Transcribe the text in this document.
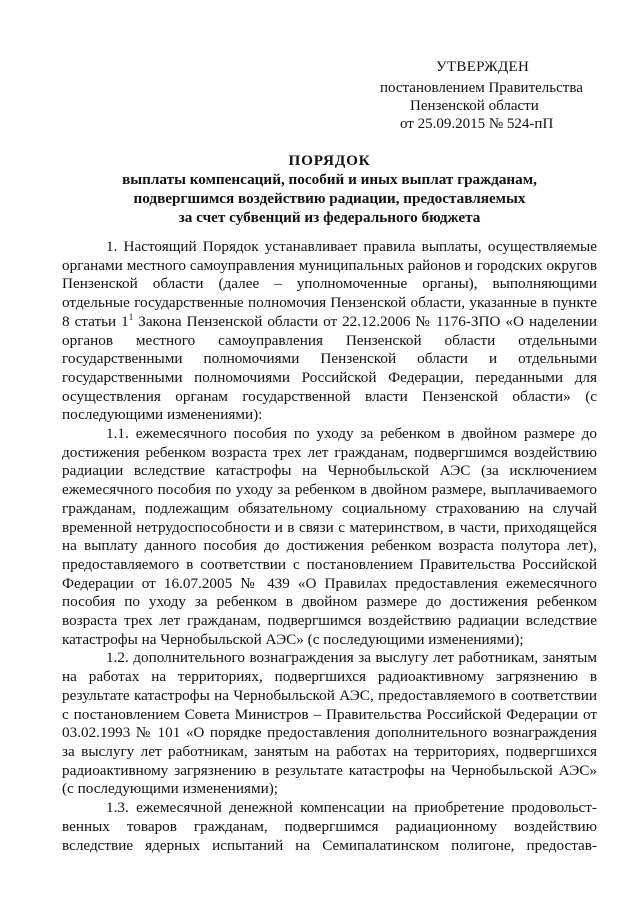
УТВЕРЖДЕН
постановлением Правительства
Пензенской области
от 25.09.2015 № 524-пП
ПОРЯДОК
выплаты компенсаций, пособий и иных выплат гражданам,
подвергшимся воздействию радиации, предоставляемых
за счет субвенций из федерального бюджета

1. Настоящий Порядок устанавливает правила выплаты, осуществляемые органами местного самоуправления муниципальных районов и городских округов Пензенской области (далее – уполномоченные органы), выполняющими отдельные государственные полномочия Пензенской области, указанные в пункте 8 статьи $1^1$ Закона Пензенской области от 22.12.2006 № 1176-ЗПО «О наделении органов местного самоуправления Пензенской области отдельными государственными полномочиями Пензенской области и отдельными государственными полномочиями Российской Федерации, переданными для осуществления органам государственной власти Пензенской области» (с последующими изменениями):

1.1. ежемесячного пособия по уходу за ребенком в двойном размере до достижения ребенком возраста трех лет гражданам, подвергшимся воздействию радиации вследствие катастрофы на Чернобыльской АЭС (за исключением ежемесячного пособия по уходу за ребенком в двойном размере, выплачиваемого гражданам, подлежащим обязательному социальному страхованию на случай временной нетрудоспособности и в связи с материнством, в части, приходящейся на выплату данного пособия до достижения ребенком возраста полутора лет), предоставляемого в соответствии с постановлением Правительства Российской Федерации от 16.07.2005 № 439 «О Правилах предоставления ежемесячного пособия по уходу за ребенком в двойном размере до достижения ребенком возраста трех лет гражданам, подвергшимся воздействию радиации вследствие катастрофы на Чернобыльской АЭС» (с последующими изменениями);

1.2. дополнительного вознаграждения за выслугу лет работникам, занятым на работах на территориях, подвергшихся радиоактивному загрязнению в результате катастрофы на Чернобыльской АЭС, предоставляемого в соответствии с постановлением Совета Министров – Правительства Российской Федерации от 03.02.1993 № 101 «О порядке предоставления дополнительного вознаграждения за выслугу лет работникам, занятым на работах на территориях, подвергшихся радиоактивному загрязнению в результате катастрофы на Чернобыльской АЭС» (с последующими изменениями);

1.3. ежемесячной денежной компенсации на приобретение продовольст-венных товаров гражданам, подвергшимся радиационному воздействию вследствие ядерных испытаний на Семипалатинском полигоне, предостав-
